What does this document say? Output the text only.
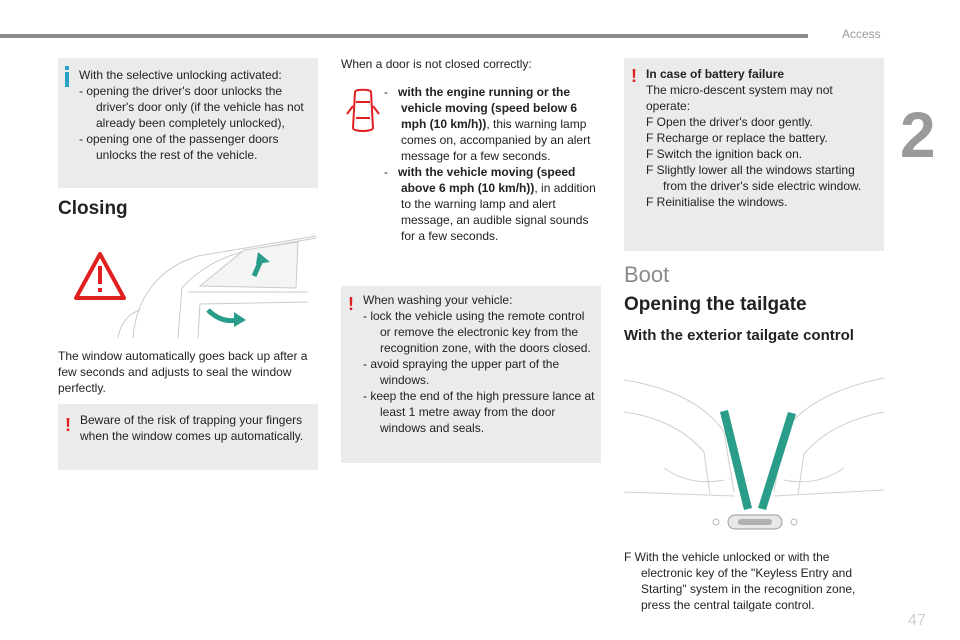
Access
2
47
With the selective unlocking activated:
- opening the driver's door unlocks the driver's door only (if the vehicle has not already been completely unlocked),
- opening one of the passenger doors unlocks the rest of the vehicle.
Closing
The window automatically goes back up after a few seconds and adjusts to seal the window perfectly.
! Beware of the risk of trapping your fingers when the window comes up automatically.
When a door is not closed correctly:
-   with the engine running or the vehicle moving (speed below 6 mph (10 km/h)), this warning lamp comes on, accompanied by an alert message for a few seconds.
-   with the vehicle moving (speed above 6 mph (10 km/h)), in addition to the warning lamp and alert message, an audible signal sounds for a few seconds.
! When washing your vehicle:
- lock the vehicle using the remote control or remove the electronic key from the recognition zone, with the doors closed.
- avoid spraying the upper part of the windows.
- keep the end of the high pressure lance at least 1 metre away from the door windows and seals.
! In case of battery failure
The micro-descent system may not operate:
F Open the driver's door gently.
F Recharge or replace the battery.
F Switch the ignition back on.
F Slightly lower all the windows starting from the driver's side electric window.
F Reinitialise the windows.
Boot
Opening the tailgate
With the exterior tailgate control
F With the vehicle unlocked or with the electronic key of the "Keyless Entry and Starting" system in the recognition zone, press the central tailgate control.
